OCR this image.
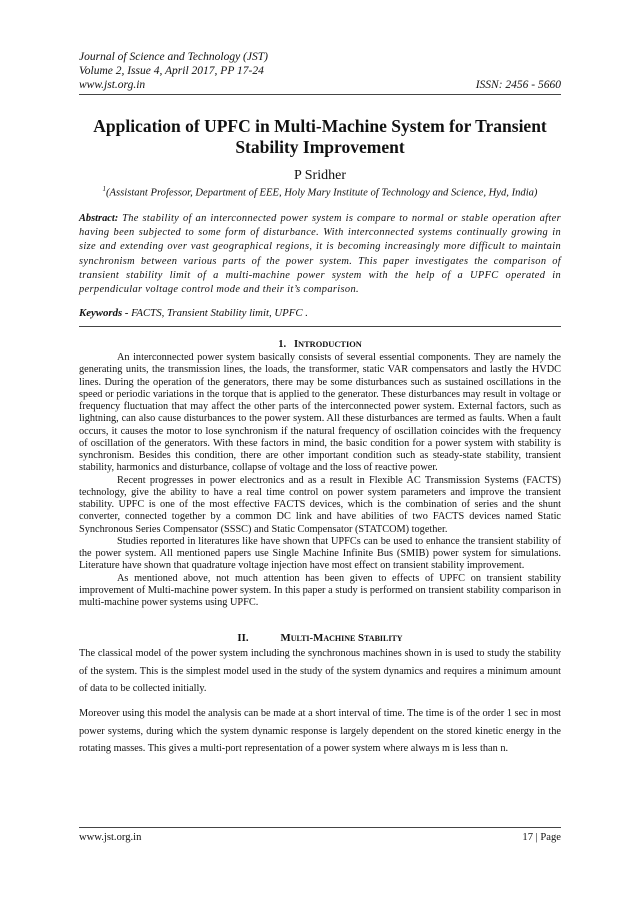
Journal of Science and Technology (JST)
Volume 2, Issue 4, April 2017, PP 17-24
www.jst.org.in	ISSN: 2456 - 5660
Application of UPFC in Multi-Machine System for Transient Stability Improvement
P Sridher
$^1$(Assistant Professor, Department of EEE, Holy Mary Institute of Technology and Science, Hyd, India)
Abstract: The stability of an interconnected power system is compare to normal or stable operation after having been subjected to some form of disturbance. With interconnected systems continually growing in size and extending over vast geographical regions, it is becoming increasingly more difficult to maintain synchronism between various parts of the power system. This paper investigates the comparison of transient stability limit of a multi-machine power system with the help of a UPFC operated in perpendicular voltage control mode and their it’s comparison.
Keywords - FACTS, Transient Stability limit, UPFC .
1. INTRODUCTION

An interconnected power system basically consists of several essential components. They are namely the generating units, the transmission lines, the loads, the transformer, static VAR compensators and lastly the HVDC lines. During the operation of the generators, there may be some disturbances such as sustained oscillations in the speed or periodic variations in the torque that is applied to the generator. These disturbances may result in voltage or frequency fluctuation that may affect the other parts of the interconnected power system. External factors, such as lightning, can also cause disturbances to the power system. All these disturbances are termed as faults. When a fault occurs, it causes the motor to lose synchronism if the natural frequency of oscillation coincides with the frequency of oscillation of the generators. With these factors in mind, the basic condition for a power system with stability is synchronism. Besides this condition, there are other important condition such as steady-state stability, transient stability, harmonics and disturbance, collapse of voltage and the loss of reactive power.

Recent progresses in power electronics and as a result in Flexible AC Transmission Systems (FACTS) technology, give the ability to have a real time control on power system parameters and improve the transient stability. UPFC is one of the most effective FACTS devices, which is the combination of series and the shunt converter, connected together by a common DC link and have abilities of two FACTS devices named Static Synchronous Series Compensator (SSSC) and Static Compensator (STATCOM) together.

Studies reported in literatures like have shown that UPFCs can be used to enhance the transient stability of the power system. All mentioned papers use Single Machine Infinite Bus (SMIB) power system for simulations. Literature have shown that quadrature voltage injection have most effect on transient stability improvement.

As mentioned above, not much attention has been given to effects of UPFC on transient stability improvement of Multi-machine power system. In this paper a study is performed on transient stability comparison in multi-machine power systems using UPFC.

II.	Multi-Machine Stability
The classical model of the power system including the synchronous machines shown in is used to study the stability of the system. This is the simplest model used in the study of the system dynamics and requires a minimum amount of data to be collected initially.
Moreover using this model the analysis can be made at a short interval of time. The time is of the order 1 sec in most power systems, during which the system dynamic response is largely dependent on the stored kinetic energy in the rotating masses. This gives a multi-port representation of a power system where always m is less than n.
www.jst.org.in	17 | Page
